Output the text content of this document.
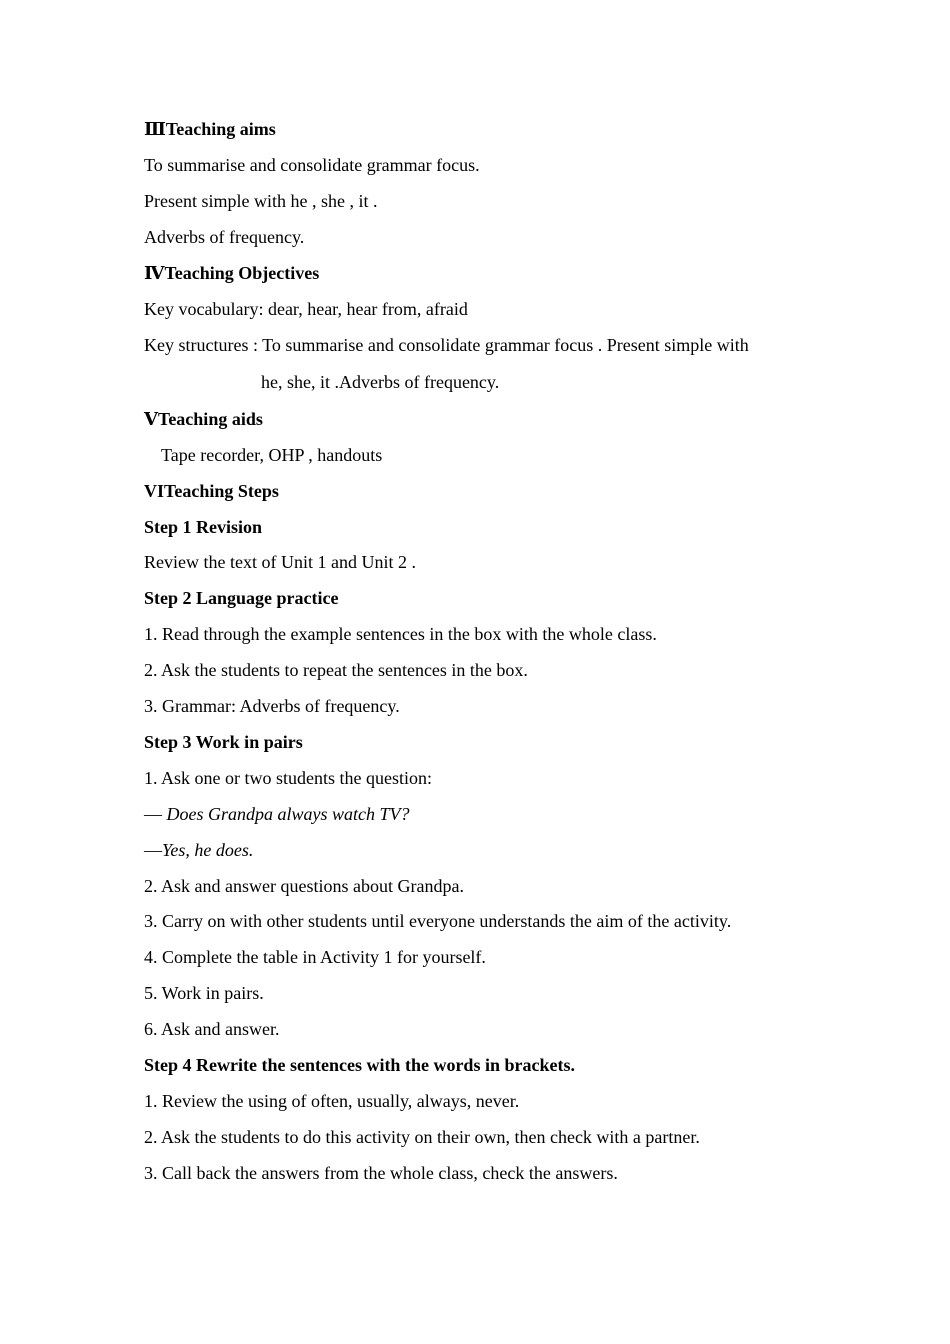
ⅢTeaching aims
To summarise and consolidate grammar focus.
Present simple with he , she , it .
Adverbs of frequency.
ⅣTeaching Objectives
Key vocabulary: dear, hear, hear from, afraid
Key structures : To summarise and consolidate grammar focus . Present simple with
he, she, it .Adverbs of frequency.
ⅤTeaching aids
Tape recorder, OHP , handouts
VITeaching Steps
Step 1 Revision
Review the text of Unit 1 and Unit 2 .
Step 2 Language practice
1. Read through the example sentences in the box with the whole class.
2. Ask the students to repeat the sentences in the box.
3. Grammar: Adverbs of frequency.
Step 3 Work in pairs
1. Ask one or two students the question:
— Does Grandpa always watch TV?
—Yes, he does.
2. Ask and answer questions about Grandpa.
3. Carry on with other students until everyone understands the aim of the activity.
4. Complete the table in Activity 1 for yourself.
5. Work in pairs.
6. Ask and answer.
Step 4 Rewrite the sentences with the words in brackets.
1. Review the using of often, usually, always, never.
2. Ask the students to do this activity on their own, then check with a partner.
3. Call back the answers from the whole class, check the answers.
